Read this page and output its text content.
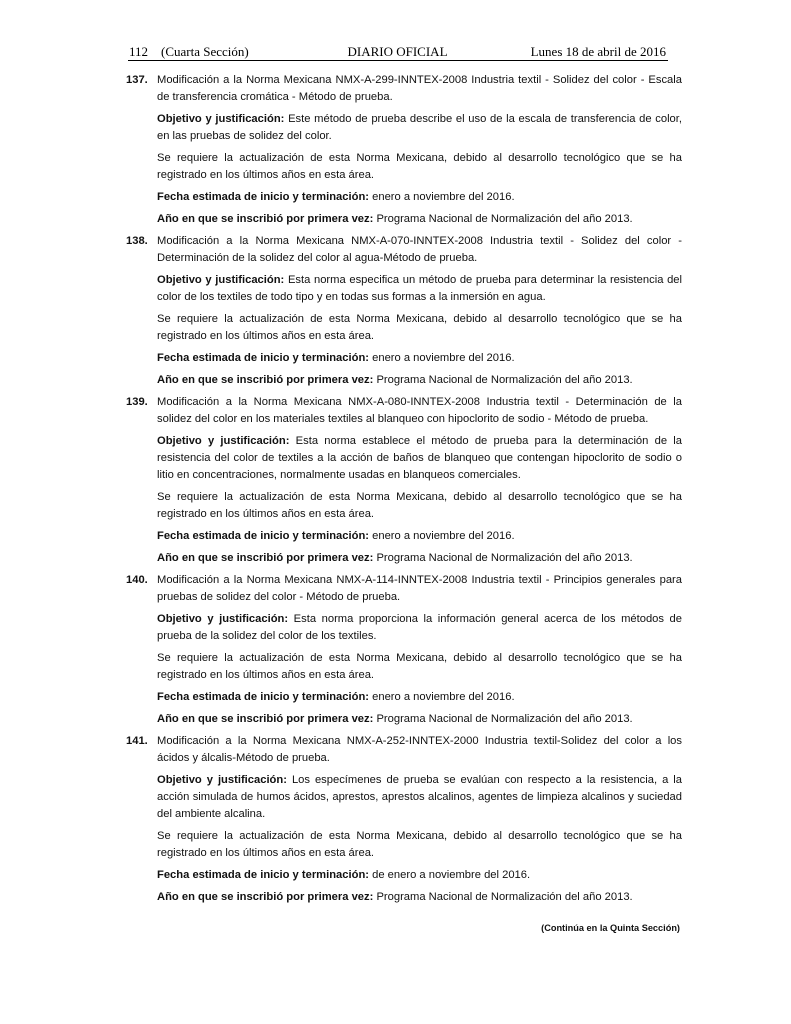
112 (Cuarta Sección)	DIARIO OFICIAL	Lunes 18 de abril de 2016
137. Modificación a la Norma Mexicana NMX-A-299-INNTEX-2008 Industria textil - Solidez del color - Escala de transferencia cromática - Método de prueba.

Objetivo y justificación: Este método de prueba describe el uso de la escala de transferencia de color, en las pruebas de solidez del color.

Se requiere la actualización de esta Norma Mexicana, debido al desarrollo tecnológico que se ha registrado en los últimos años en esta área.

Fecha estimada de inicio y terminación: enero a noviembre del 2016.

Año en que se inscribió por primera vez: Programa Nacional de Normalización del año 2013.

138. Modificación a la Norma Mexicana NMX-A-070-INNTEX-2008 Industria textil - Solidez del color - Determinación de la solidez del color al agua-Método de prueba.

Objetivo y justificación: Esta norma especifica un método de prueba para determinar la resistencia del color de los textiles de todo tipo y en todas sus formas a la inmersión en agua.

Se requiere la actualización de esta Norma Mexicana, debido al desarrollo tecnológico que se ha registrado en los últimos años en esta área.

Fecha estimada de inicio y terminación: enero a noviembre del 2016.

Año en que se inscribió por primera vez: Programa Nacional de Normalización del año 2013.

139. Modificación a la Norma Mexicana NMX-A-080-INNTEX-2008 Industria textil - Determinación de la solidez del color en los materiales textiles al blanqueo con hipoclorito de sodio - Método de prueba.

Objetivo y justificación: Esta norma establece el método de prueba para la determinación de la resistencia del color de textiles a la acción de baños de blanqueo que contengan hipoclorito de sodio o litio en concentraciones, normalmente usadas en blanqueos comerciales.

Se requiere la actualización de esta Norma Mexicana, debido al desarrollo tecnológico que se ha registrado en los últimos años en esta área.

Fecha estimada de inicio y terminación: enero a noviembre del 2016.

Año en que se inscribió por primera vez: Programa Nacional de Normalización del año 2013.

140. Modificación a la Norma Mexicana NMX-A-114-INNTEX-2008 Industria textil - Principios generales para pruebas de solidez del color - Método de prueba.

Objetivo y justificación: Esta norma proporciona la información general acerca de los métodos de prueba de la solidez del color de los textiles.

Se requiere la actualización de esta Norma Mexicana, debido al desarrollo tecnológico que se ha registrado en los últimos años en esta área.

Fecha estimada de inicio y terminación: enero a noviembre del 2016.

Año en que se inscribió por primera vez: Programa Nacional de Normalización del año 2013.

141. Modificación a la Norma Mexicana NMX-A-252-INNTEX-2000 Industria textil-Solidez del color a los ácidos y álcalis-Método de prueba.

Objetivo y justificación: Los especímenes de prueba se evalúan con respecto a la resistencia, a la acción simulada de humos ácidos, aprestos, aprestos alcalinos, agentes de limpieza alcalinos y suciedad del ambiente alcalina.

Se requiere la actualización de esta Norma Mexicana, debido al desarrollo tecnológico que se ha registrado en los últimos años en esta área.

Fecha estimada de inicio y terminación: de enero a noviembre del 2016.

Año en que se inscribió por primera vez: Programa Nacional de Normalización del año 2013.

(Continúa en la Quinta Sección)
